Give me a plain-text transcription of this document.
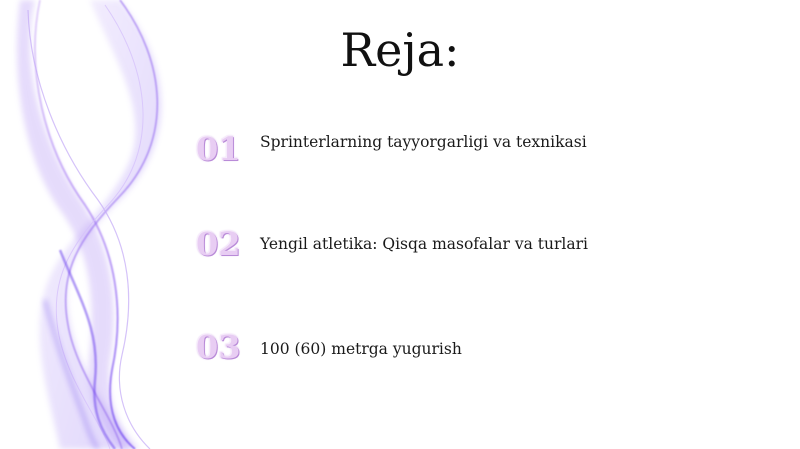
Reja:
01	Sprinterlarning tayyorgarligi va texnikasi
02	Yengil atletika: Qisqa masofalar va turlari
03	100 (60) metrga yugurish
